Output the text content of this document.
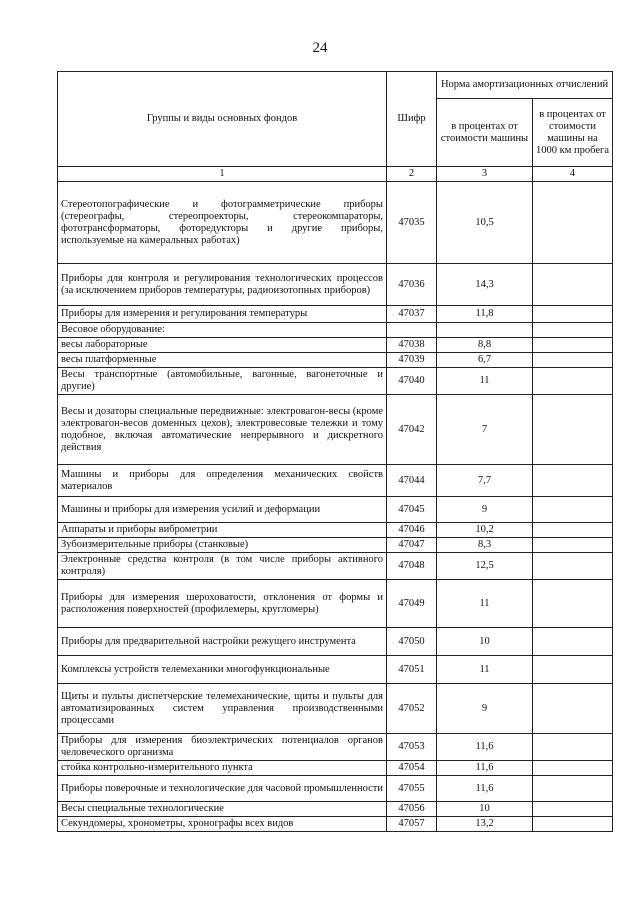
24
Группы и виды основных фондов	Шифр	Норма амортизационных отчислений	
		в процентах от стоимости машины	в процентах от стоимости машины на 1000 км пробега
1	2	3	4
Стереотопографические и фотограмметрические приборы (стереографы, стереопроекторы, стереокомпараторы, фототрансформаторы, фоторедукторы и другие приборы, используемые на камеральных работах)	47035	10,5	
Приборы для контроля и регулирования технологических процессов (за исключением приборов температуры, радиоизотопных приборов)	47036	14,3	
Приборы для измерения и регулирования температуры	47037	11,8	
Весовое оборудование:			
весы лабораторные	47038	8,8	
весы платформенные	47039	6,7	
Весы транспортные (автомобильные, вагонные, вагонеточные и другие)	47040	11	
Весы и дозаторы специальные передвижные: электровагон-весы (кроме электровагон-весов доменных цехов), электровесовые тележки и тому подобное, включая автоматические непрерывного и дискретного действия	47042	7	
Машины и приборы для определения механических свойств материалов	47044	7,7	
Машины и приборы для измерения усилий и деформации	47045	9	
Аппараты и приборы виброметрии	47046	10,2	
Зубоизмерительные приборы (станковые)	47047	8,3	
Электронные средства контроля (в том числе приборы активного контроля)	47048	12,5	
Приборы для измерения шероховатости, отклонения от формы и расположения поверхностей (профилемеры, кругломеры)	47049	11	
Приборы для предварительной настройки режущего инструмента	47050	10	
Комплексы устройств телемеханики многофункциональные	47051	11	
Щиты и пульты диспетчерские телемеханические, щиты и пульты для автоматизированных систем управления производственными процессами	47052	9	
Приборы для измерения биоэлектрических потенциалов органов человеческого организма	47053	11,6	
стойка контрольно-измерительного пункта	47054	11,6	
Приборы поверочные и технологические для часовой промышленности	47055	11,6	
Весы специальные технологические	47056	10	
Секундомеры, хронометры, хронографы всех видов	47057	13,2	
